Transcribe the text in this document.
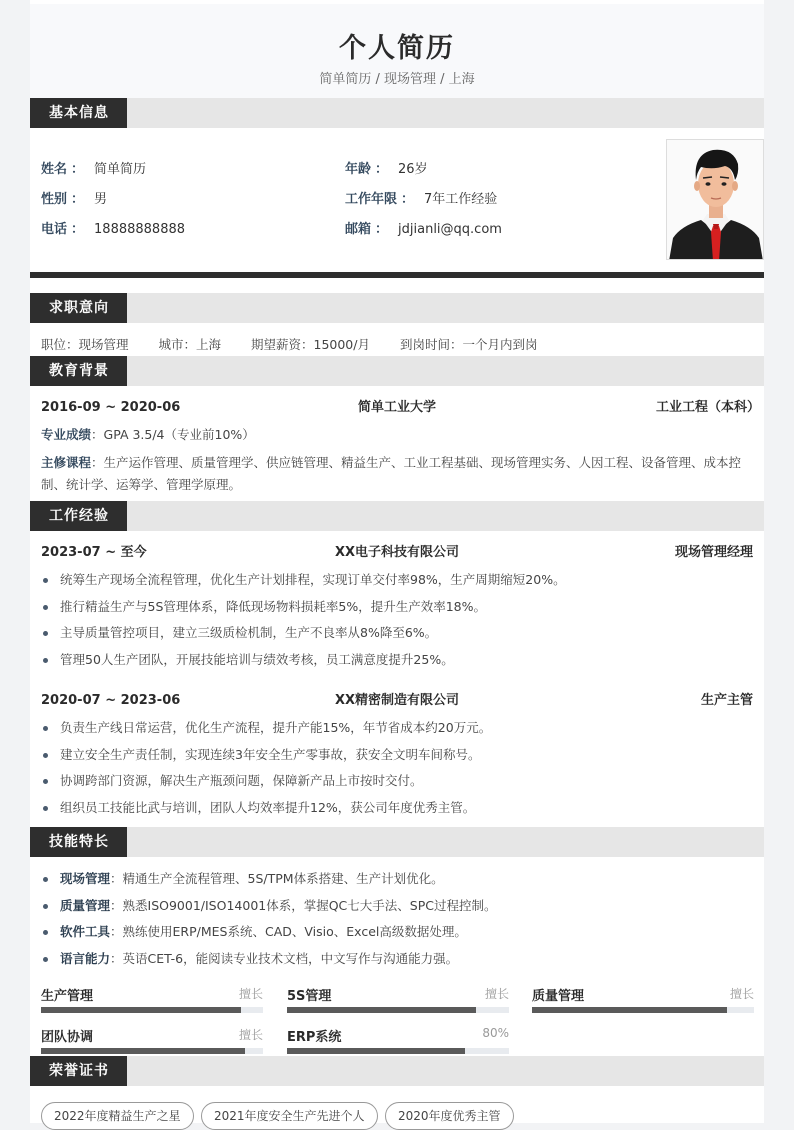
个人简历
简单简历 / 现场管理 / 上海
基本信息
姓名 ： 简单简历
性别 ： 男
电话 ： 18888888888
年龄 ： 26岁
工作年限 ： 7年工作经验
邮箱 ： jdjianli@qq.com
求职意向
职位：现场管理 城市：上海 期望薪资：15000/月 到岗时间：一个月内到岗
教育背景
2016-09 ~ 2020-06	简单工业大学	工业工程（本科）
专业成绩：GPA 3.5/4（专业前10%）
主修课程：生产运作管理、质量管理学、供应链管理、精益生产、工业工程基础、现场管理实务、人因工程、设备管理、成本控制、统计学、运筹学、管理学原理。
工作经验
2023-07 ~ 至今	XX电子科技有限公司	现场管理经理
统筹生产现场全流程管理，优化生产计划排程，实现订单交付率98%，生产周期缩短20%。
推行精益生产与5S管理体系，降低现场物料损耗率5%，提升生产效率18%。
主导质量管控项目，建立三级质检机制，生产不良率从8%降至6%。
管理50人生产团队，开展技能培训与绩效考核，员工满意度提升25%。
2020-07 ~ 2023-06	XX精密制造有限公司	生产主管
负责生产线日常运营，优化生产流程，提升产能15%，年节省成本约20万元。
建立安全生产责任制，实现连续3年安全生产零事故，获安全文明车间称号。
协调跨部门资源，解决生产瓶颈问题，保障新产品上市按时交付。
组织员工技能比武与培训，团队人均效率提升12%，获公司年度优秀主管。
技能特长
现场管理：精通生产全流程管理、5S/TPM体系搭建、生产计划优化。
质量管理：熟悉ISO9001/ISO14001体系，掌握QC七大手法、SPC过程控制。
软件工具：熟练使用ERP/MES系统、CAD、Visio、Excel高级数据处理。
语言能力：英语CET-6，能阅读专业技术文档，中文写作与沟通能力强。
生产管理	擅长 5S管理	擅长 质量管理	擅长
团队协调	擅长 ERP系统	80%
荣誉证书
2022年度精益生产之星	2021年度安全生产先进个人	2020年度优秀主管
